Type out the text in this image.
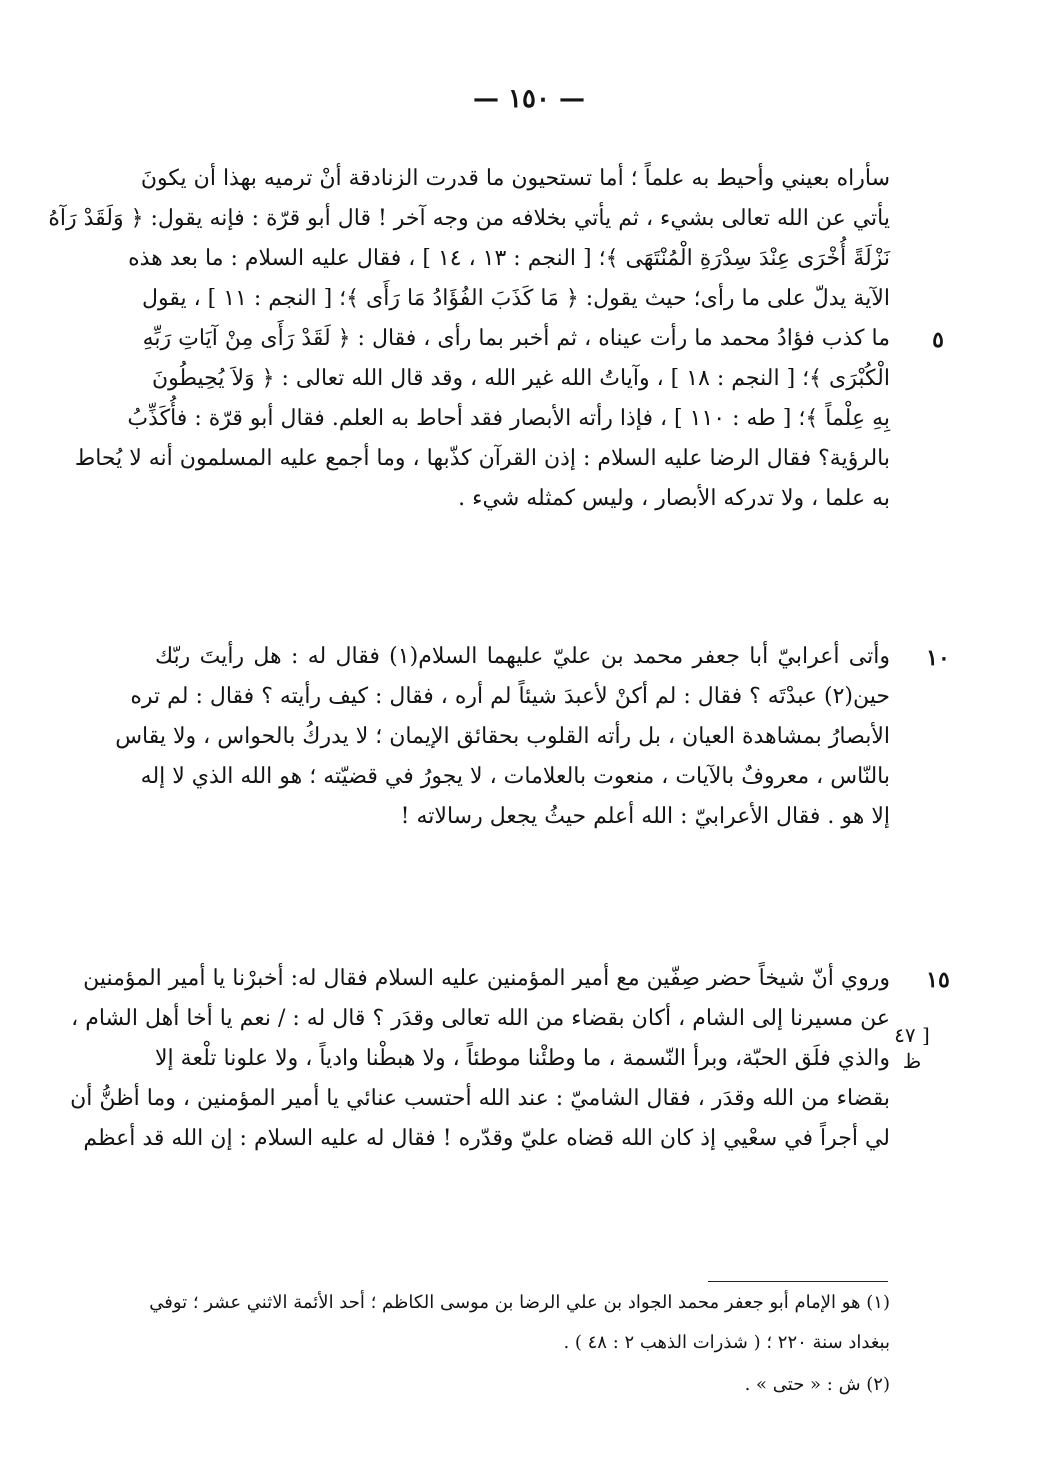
— ١٥٠ —
سأراه بعيني وأحيط به علماً ؛ أما تستحيون ما قدرت الزنادقة أنْ ترميه بهذا أن يكونَ
يأتي عن الله تعالى بشيء ، ثم يأتي بخلافه من وجه آخر ! قال أبو قرّة : فإنه يقول: ﴿ وَلَقَدْ رَآهُ
نَزْلَةً أُخْرَى عِنْدَ سِدْرَةِ الْمُنْتَهَى ﴾؛ [ النجم : ١٣ ، ١٤ ] ، فقال عليه السلام : ما بعد هذه
الآية يدلّ على ما رأى؛ حيث يقول: ﴿ مَا كَذَبَ الفُؤَادُ مَا رَأَى ﴾؛ [ النجم : ١١ ] ، يقول
ما كذب فؤادُ محمد ما رأت عيناه ، ثم أخبر بما رأى ، فقال : ﴿ لَقَدْ رَأَى مِنْ آيَاتِ رَبِّهِ
الْكُبْرَى ﴾؛ [ النجم : ١٨ ] ، وآياتُ الله غير الله ، وقد قال الله تعالى : ﴿ وَلاَ يُحِيطُونَ
بِهِ عِلْماً ﴾؛ [ طه : ١١٠ ] ، فإذا رأته الأبصار فقد أحاط به العلم. فقال أبو قرّة : فأُكَذِّبُ
بالرؤية؟ فقال الرضا عليه السلام : إذن القرآن كذّبها ، وما أجمع عليه المسلمون أنه لا يُحاط
به علما ، ولا تدركه الأبصار ، وليس كمثله شيء .
٥
وأتى أعرابيّ أبا جعفر محمد بن عليّ عليهما السلام(١) فقال له : هل رأيتَ ربّك
حين(٢) عبدْتَه ؟ فقال : لم أكنْ لأعبدَ شيئاً لم أره ، فقال : كيف رأيته ؟ فقال : لم تره
الأبصارُ بمشاهدة العيان ، بل رأته القلوب بحقائق الإيمان ؛ لا يدركُ بالحواس ، ولا يقاس
بالنّاس ، معروفٌ بالآيات ، منعوت بالعلامات ، لا يجورُ في قضيّته ؛ هو الله الذي لا إله
إلا هو . فقال الأعرابيّ : الله أعلم حيثُ يجعل رسالاته !
١٠
وروي أنّ شيخاً حضر صِفّين مع أمير المؤمنين عليه السلام فقال له: أخبرْنا يا أمير المؤمنين
عن مسيرنا إلى الشام ، أكان بقضاء من الله تعالى وقدَر ؟ قال له : / نعم يا أخا أهل الشام ،
والذي فلَق الحبّة، وبرأ النّسمة ، ما وطئْنا موطئاً ، ولا هبطْنا وادياً ، ولا علونا تلْعة إلا
بقضاء من الله وقدَر ، فقال الشاميّ : عند الله أحتسب عنائي يا أمير المؤمنين ، وما أظنُّ أن
لي أجراً في سعْيي إذ كان الله قضاه عليّ وقدّره ! فقال له عليه السلام : إن الله قد أعظم
١٥
[ ٤٧
ظ
(١) هو الإمام أبو جعفر محمد الجواد بن علي الرضا بن موسى الكاظم ؛ أحد الأئمة الاثني عشر ؛ توفي
ببغداد سنة ٢٢٠ ؛ ( شذرات الذهب ٢ : ٤٨ ) .
(٢) ش : « حتى » .
